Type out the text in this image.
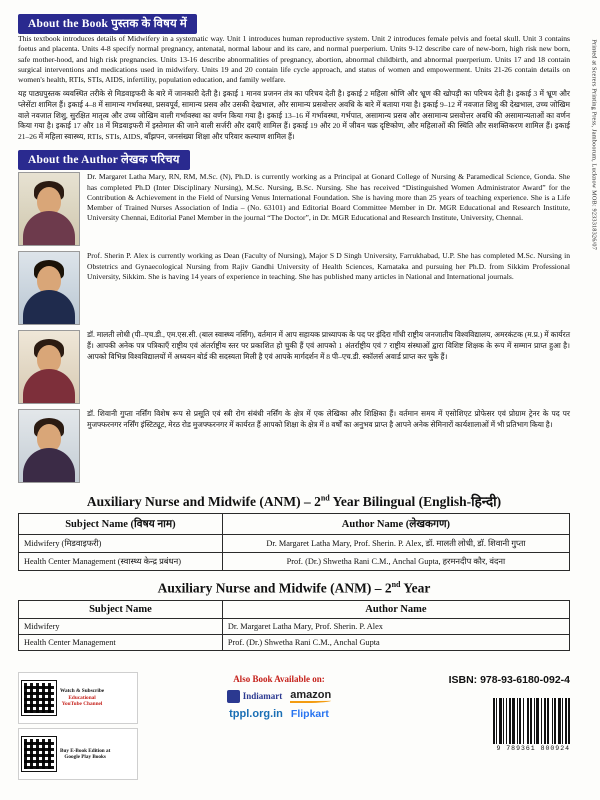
About the Book पुस्तक के विषय में

This textbook introduces details of Midwifery in a systematic way. Unit 1 introduces human reproductive system. Unit 2 introduces female pelvis and foetal skull. Unit 3 contains foetus and placenta. Units 4-8 specify normal pregnancy, antenatal, normal labour and its care, and normal puerperium. Units 9-12 describe care of new-born, high risk new born, safe mother-hood, and high risk pregnancies. Units 13-16 describe abnormalities of pregnancy, abortion, abnormal childbirth, and abnormal puerperium. Units 17 and 18 contain surgical interventions and medications used in midwifery. Units 19 and 20 contain life cycle approach, and status of women and empowerment. Units 21-26 contain details on women's health, RTIs, STIs, AIDS, infertility, population education, and family welfare.

यह पाठ्यपुस्तक व्यवस्थित तरीके से मिडवाइफरी के बारे में जानकारी देती है। इकाई 1 मानव प्रजनन तंत्र का परिचय देती है। इकाई 2 महिला श्रोणि और भ्रूण की खोपड़ी का परिचय देती है। इकाई 3 में भ्रूण और प्लेसेंटा शामिल हैं। इकाई 4–8 में सामान्य गर्भावस्था, प्रसवपूर्व, सामान्य प्रसव और उसकी देखभाल, और सामान्य प्रसवोत्तर अवधि के बारे में बताया गया है। इकाई 9–12 में नवजात शिशु की देखभाल, उच्च जोखिम वाले नवजात शिशु, सुरक्षित मातृत्व और उच्च जोखिम वाली गर्भावस्था का वर्णन किया गया है। इकाई 13–16 में गर्भावस्था, गर्भपात, असामान्य प्रसव और असामान्य प्रसवोत्तर अवधि की असामान्यताओं का वर्णन किया गया है। इकाई 17 और 18 में मिडवाइफरी में इस्तेमाल की जाने वाली सर्जरी और दवाएँ शामिल हैं। इकाई 19 और 20 में जीवन चक्र दृष्टिकोण, और महिलाओं की स्थिति और सशक्तिकरण शामिल हैं। इकाई 21–26 में महिला स्वास्थ्य, RTIs, STIs, AIDS, बाँझपन, जनसंख्या शिक्षा और परिवार कल्याण शामिल हैं।

About the Author लेखक परिचय

Dr. Margaret Latha Mary, RN, RM, M.Sc. (N), Ph.D. is currently working as a Principal at Gonard College of Nursing & Paramedical Science, Gonda. She has completed Ph.D (Inter Disciplinary Nursing), M.Sc. Nursing, B.Sc. Nursing. She has received “Distinguished Women Administrator Award” for the Contribution & Achievement in the Field of Nursing Venus International Foundation. She is having more than 25 years of teaching experience. She is a Life Member of Trained Nurses Association of India – (No. 63101) and Editorial Board Committee Member in Dr. MGR Educational and Research Institute, University Chennai, Editorial Panel Member in the journal “The Doctor”, in Dr. MGR Educational and Research Institute, University, Chennai.

Prof. Sherin P. Alex is currently working as Dean (Faculty of Nursing), Major S D Singh University, Farrukhabad, U.P. She has completed M.Sc. Nursing in Obstetrics and Gynaecological Nursing from Rajiv Gandhi University of Health Sciences, Karnataka and pursuing her Ph.D. from Sikkim Professional University, Sikkim. She is having 14 years of experience in teaching. She has published many articles in National and International journals.

डॉ. मालती लोधी (पी–एच.डी., एम.एस.सी. (बाल स्वास्थ्य नर्सिंग), वर्तमान में आप सहायक प्राध्यापक के पद पर इंदिरा गाँधी राष्ट्रीय जनजातीय विश्वविद्यालय, अमरकंटक (म.प्र.) में कार्यरत हैं। आपकी अनेक पत्र पत्रिकाएँ राष्ट्रीय एवं अंतर्राष्ट्रीय स्तर पर प्रकाशित हो चुकी हैं एवं आपको 1 अंतर्राष्ट्रीय एवं 7 राष्ट्रीय संस्थाओं द्वारा विशिष्ट शिक्षक के रूप में सम्मान प्राप्त हुआ है। आपको विभिन्न विश्वविद्यालयों में अध्ययन बोर्ड की सदस्यता मिली है एवं आपके मार्गदर्शन में 8 पी–एच.डी. स्कॉलर्स अवार्ड प्राप्त कर चुके हैं।

डॉ. शिवानी गुप्ता नर्सिंग विशेष रूप से प्रसूति एवं स्त्री रोग संबंधी नर्सिंग के क्षेत्र में एक लेखिका और शिक्षिका हैं। वर्तमान समय में एसोशिएट प्रोफेसर एवं प्रोग्राम ट्रेनर के पद पर मुजफ्फरनगर नर्सिंग इंस्टिट्यूट, मेरठ रोड मुजफ्फरनगर में कार्यरत हैं आपको शिक्षा के क्षेत्र में 8 वर्षों का अनुभव प्राप्त है आपने अनेक सेमिनारों कार्यशालाओं में भी प्रतिभाग किया है।

Auxiliary Nurse and Midwife (ANM) – 2nd Year Bilingual (English-हिन्दी)
Subject Name (विषय नाम)	Author Name (लेखकगण)
Midwifery (मिडवाइफरी)	Dr. Margaret Latha Mary, Prof. Sherin. P. Alex, डॉ. मालती लोधी, डॉ. शिवानी गुप्ता
Health Center Management (स्वास्थ्य केन्द्र प्रबंधन)	Prof. (Dr.) Shwetha Rani C.M., Anchal Gupta, हरमनदीप कौर, वंदना
Auxiliary Nurse and Midwife (ANM) – 2nd Year
Subject Name	Author Name
Midwifery	Dr. Margaret Latha Mary, Prof. Sherin. P. Alex
Health Center Management	Prof. (Dr.) Shwetha Rani C.M., Anchal Gupta
Watch & Subscribe
Educational
YouTube Channel
Buy E-Book Edition at
Google Play Books
Also Book Available on:
Indiamart amazon
tppl.org.in Flipkart
ISBN: 978-93-6180-092-4
9 789361 800924
Printed at Scerers Printing Press, Jamboorum, Lucknow MOB: 9233318326/07
